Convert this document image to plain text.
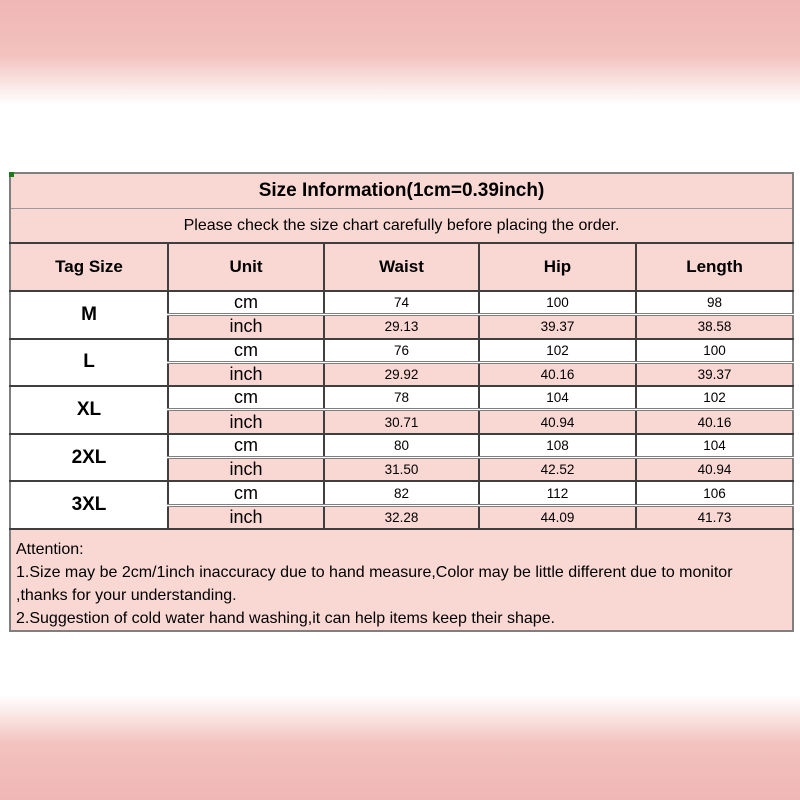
Size Information(1cm=0.39inch)				
Please check the size chart carefully before placing the order.				
Tag Size	Unit	Waist	Hip	Length
M	cm	74	100	98
	inch	29.13	39.37	38.58
L	cm	76	102	100
	inch	29.92	40.16	39.37
XL	cm	78	104	102
	inch	30.71	40.94	40.16
2XL	cm	80	108	104
	inch	31.50	42.52	40.94
3XL	cm	82	112	106
	inch	32.28	44.09	41.73

Attention:
1.Size may be 2cm/1inch inaccuracy due to hand measure,Color may be little different due to monitor
,thanks for your understanding.
2.Suggestion of cold water hand washing,it can help items keep their shape.				
